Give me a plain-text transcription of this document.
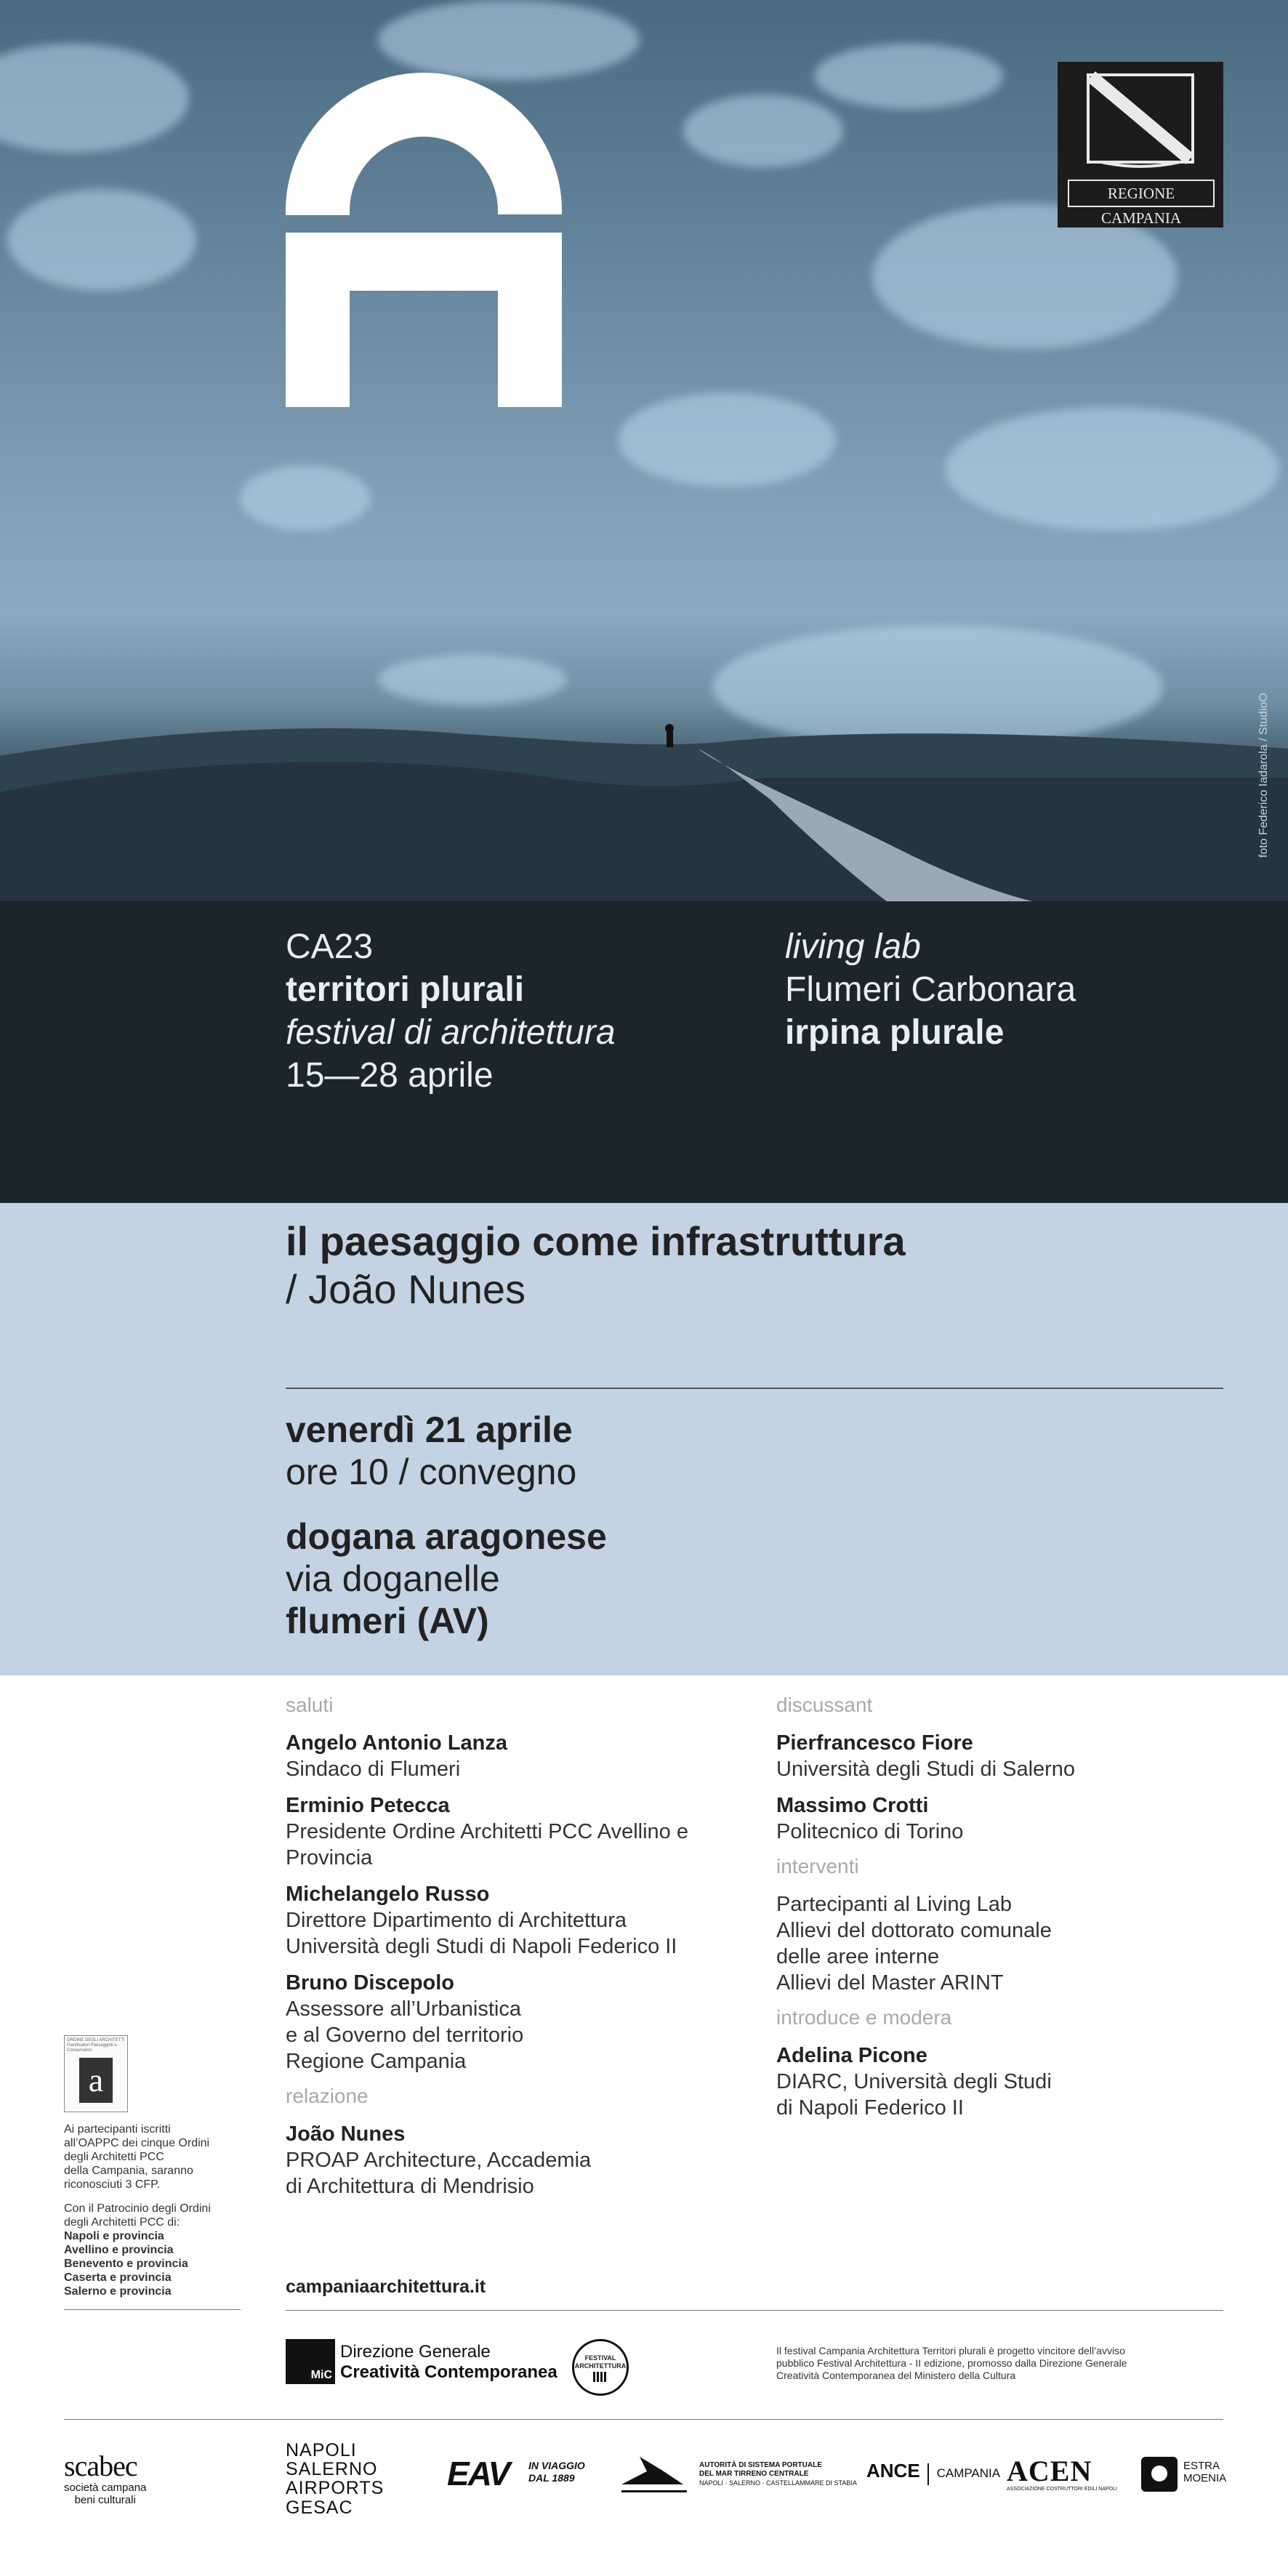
REGIONE CAMPANIA
foto Federico Iadarola / StudioO
CA23
territori plurali
festival di architettura
15—28 aprile
living lab
Flumeri Carbonara
irpina plurale
il paesaggio come infrastruttura
/ João Nunes
venerdì 21 aprile
ore 10 / convegno
dogana aragonese
via doganelle
flumeri (AV)
saluti
Angelo Antonio Lanza
Sindaco di Flumeri
Erminio Petecca
Presidente Ordine Architetti PCC Avellino e
Provincia
Michelangelo Russo
Direttore Dipartimento di Architettura
Università degli Studi di Napoli Federico II
Bruno Discepolo
Assessore all’Urbanistica
e al Governo del territorio
Regione Campania
relazione
João Nunes
PROAP Architecture, Accademia
di Architettura di Mendrisio
discussant
Pierfrancesco Fiore
Università degli Studi di Salerno
Massimo Crotti
Politecnico di Torino
interventi
Partecipanti al Living Lab
Allievi del dottorato comunale
delle aree interne
Allievi del Master ARINT
introduce e modera
Adelina Picone
DIARC, Università degli Studi
di Napoli Federico II
ORDINE DEGLI ARCHITETTI Pianificatori Paesaggisti e Conservatori
a
Ai partecipanti iscritti
all’OAPPC dei cinque Ordini
degli Architetti PCC
della Campania, saranno
riconosciuti 3 CFP.
Con il Patrocinio degli Ordini
degli Architetti PCC di:
Napoli e provincia
Avellino e provincia
Benevento e provincia
Caserta e provincia
Salerno e provincia	campaniaarchitettura.it
MiC
Direzione Generale
Creatività Contemporanea
FESTIVAL ARCHITETTURA
Il festival Campania Architettura Territori plurali è progetto vincitore dell’avviso
pubblico Festival Architettura - II edizione, promosso dalla Direzione Generale
Creatività Contemporanea del Ministero della Cultura
scabec
società campana
beni culturali
NAPOLI
SALERNO
AIRPORTS
GESAC
EAV IN VIAGGIO
DAL 1889
AUTORITÀ DI SISTEMA PORTUALE
DEL MAR TIRRENO CENTRALE
NAPOLI · SALERNO · CASTELLAMMARE DI STABIA
ANCE CAMPANIA ACEN
ASSOCIAZIONE COSTRUTTORI EDILI NAPOLI
ESTRA
MOENIA
